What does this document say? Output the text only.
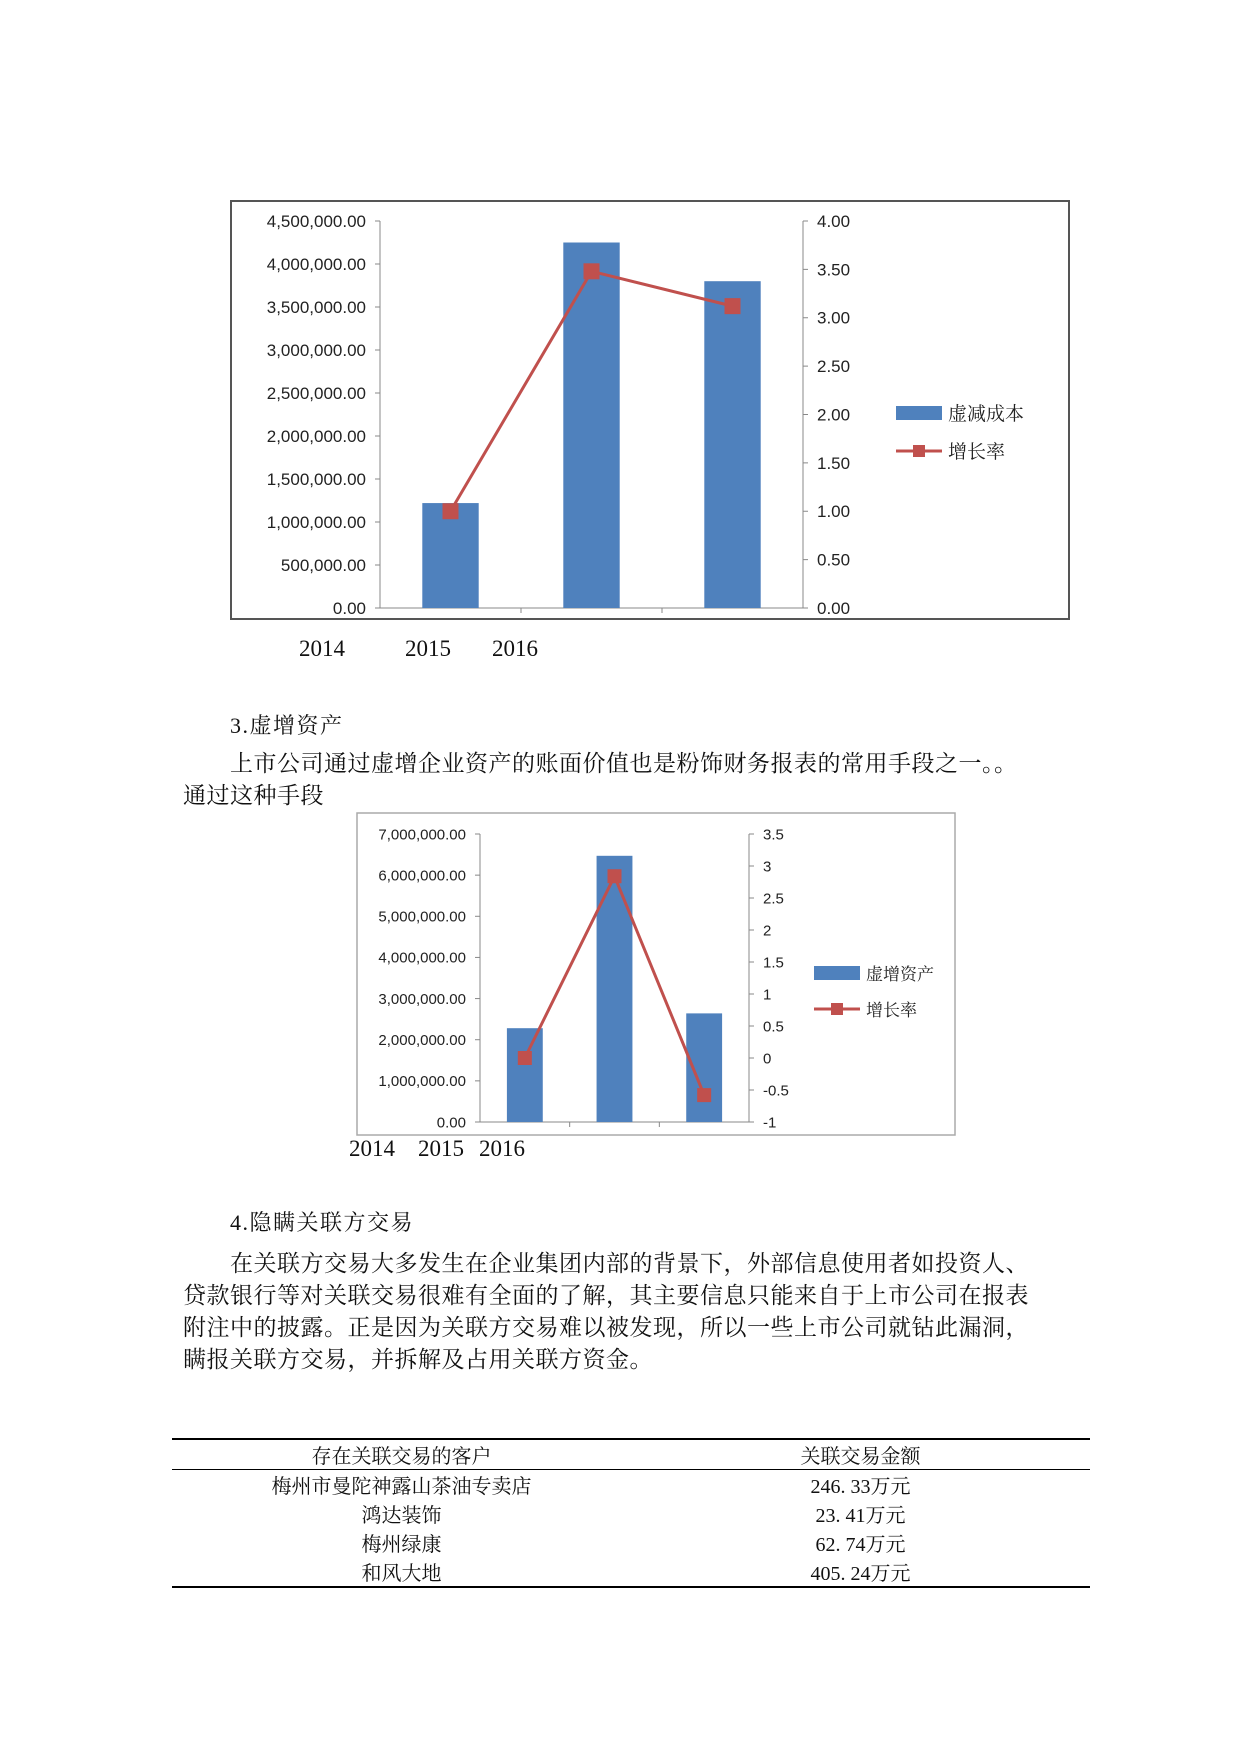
0.00
500,000.00
1,000,000.00
1,500,000.00
2,000,000.00
2,500,000.00
3,000,000.00
3,500,000.00
4,000,000.00
4,500,000.00
0.00
0.50
1.00
1.50
2.00
2.50
3.00
3.50
4.00
虚减成本
增长率
2014	2015 2016
3.虚增资产
上市公司通过虚增企业资产的账面价值也是粉饰财务报表的常用手段之一。。
通过这种手段
0.00
1,000,000.00
2,000,000.00
3,000,000.00
4,000,000.00
5,000,000.00
6,000,000.00
7,000,000.00
-1
-0.5
0
0.5
1
1.5
2
2.5
3
3.5
虚增资产
增长率
2014 2015 2016
4.隐瞒关联方交易
在关联方交易大多发生在企业集团内部的背景下，外部信息使用者如投资人、
贷款银行等对关联交易很难有全面的了解，其主要信息只能来自于上市公司在报表
附注中的披露。正是因为关联方交易难以被发现，所以一些上市公司就钻此漏洞，
瞒报关联方交易，并拆解及占用关联方资金。
存在关联交易的客户	关联交易金额
梅州市曼陀神露山茶油专卖店	246. 33万元
鸿达装饰	23. 41万元
梅州绿康	62. 74万元
和风大地	405. 24万元
